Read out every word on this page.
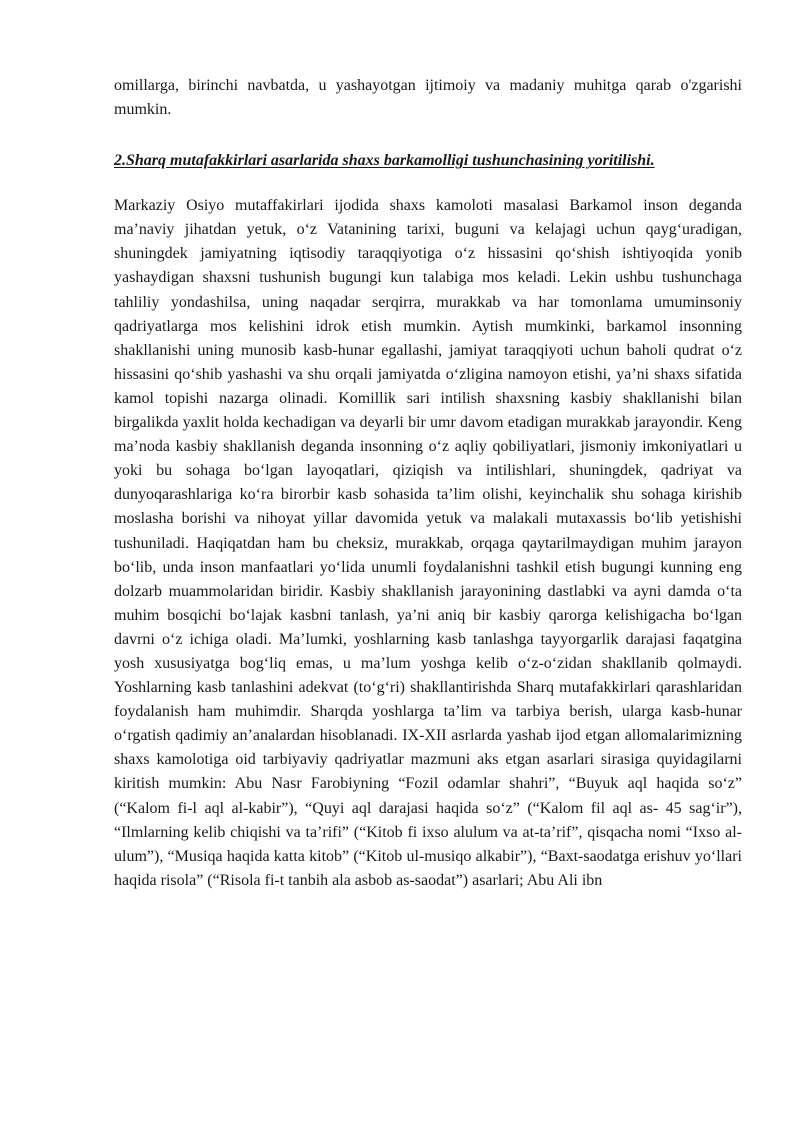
omillarga, birinchi navbatda, u yashayotgan ijtimoiy va madaniy muhitga qarab o'zgarishi mumkin.

2.Sharq mutafakkirlari asarlarida shaxs barkamolligi tushunchasining yoritilishi.

Markaziy Osiyo mutaffakirlari ijodida shaxs kamoloti masalasi Barkamol inson deganda ma’naviy jihatdan yetuk, o‘z Vatanining tarixi, buguni va kelajagi uchun qayg‘uradigan, shuningdek jamiyatning iqtisodiy taraqqiyotiga o‘z hissasini qo‘shish ishtiyoqida yonib yashaydigan shaxsni tushunish bugungi kun talabiga mos keladi. Lekin ushbu tushunchaga tahliliy yondashilsa, uning naqadar serqirra, murakkab va har tomonlama umuminsoniy qadriyatlarga mos kelishini idrok etish mumkin. Aytish mumkinki, barkamol insonning shakllanishi uning munosib kasb-hunar egallashi, jamiyat taraqqiyoti uchun baholi qudrat o‘z hissasini qo‘shib yashashi va shu orqali jamiyatda o‘zligina namoyon etishi, ya’ni shaxs sifatida kamol topishi nazarga olinadi. Komillik sari intilish shaxsning kasbiy shakllanishi bilan birgalikda yaxlit holda kechadigan va deyarli bir umr davom etadigan murakkab jarayondir. Keng ma’noda kasbiy shakllanish deganda insonning o‘z aqliy qobiliyatlari, jismoniy imkoniyatlari u yoki bu sohaga bo‘lgan layoqatlari, qiziqish va intilishlari, shuningdek, qadriyat va dunyoqarashlariga ko‘ra birorbir kasb sohasida ta’lim olishi, keyinchalik shu sohaga kirishib moslasha borishi va nihoyat yillar davomida yetuk va malakali mutaxassis bo‘lib yetishishi tushuniladi. Haqiqatdan ham bu cheksiz, murakkab, orqaga qaytarilmaydigan muhim jarayon bo‘lib, unda inson manfaatlari yo‘lida unumli foydalanishni tashkil etish bugungi kunning eng dolzarb muammolaridan biridir. Kasbiy shakllanish jarayonining dastlabki va ayni damda o‘ta muhim bosqichi bo‘lajak kasbni tanlash, ya’ni aniq bir kasbiy qarorga kelishigacha bo‘lgan davrni o‘z ichiga oladi. Ma’lumki, yoshlarning kasb tanlashga tayyorgarlik darajasi faqatgina yosh xususiyatga bog‘liq emas, u ma’lum yoshga kelib o‘z-o‘zidan shakllanib qolmaydi. Yoshlarning kasb tanlashini adekvat (to‘g‘ri) shakllantirishda Sharq mutafakkirlari qarashlaridan foydalanish ham muhimdir. Sharqda yoshlarga ta’lim va tarbiya berish, ularga kasb-hunar o‘rgatish qadimiy an’analardan hisoblanadi. IX-XII asrlarda yashab ijod etgan allomalarimizning shaxs kamolotiga oid tarbiyaviy qadriyatlar mazmuni aks etgan asarlari sirasiga quyidagilarni kiritish mumkin: Abu Nasr Farobiyning “Fozil odamlar shahri”, “Buyuk aql haqida so‘z” (“Kalom fi-l aql al-kabir”), “Quyi aql darajasi haqida so‘z” (“Kalom fil aql as- 45 sag‘ir”), “Ilmlarning kelib chiqishi va ta’rifi” (“Kitob fi ixso alulum va at-ta’rif”, qisqacha nomi “Ixso al-ulum”), “Musiqa haqida katta kitob” (“Kitob ul-musiqo alkabir”), “Baxt-saodatga erishuv yo‘llari haqida risola” (“Risola fi-t tanbih ala asbob as-saodat”) asarlari; Abu Ali ibn
